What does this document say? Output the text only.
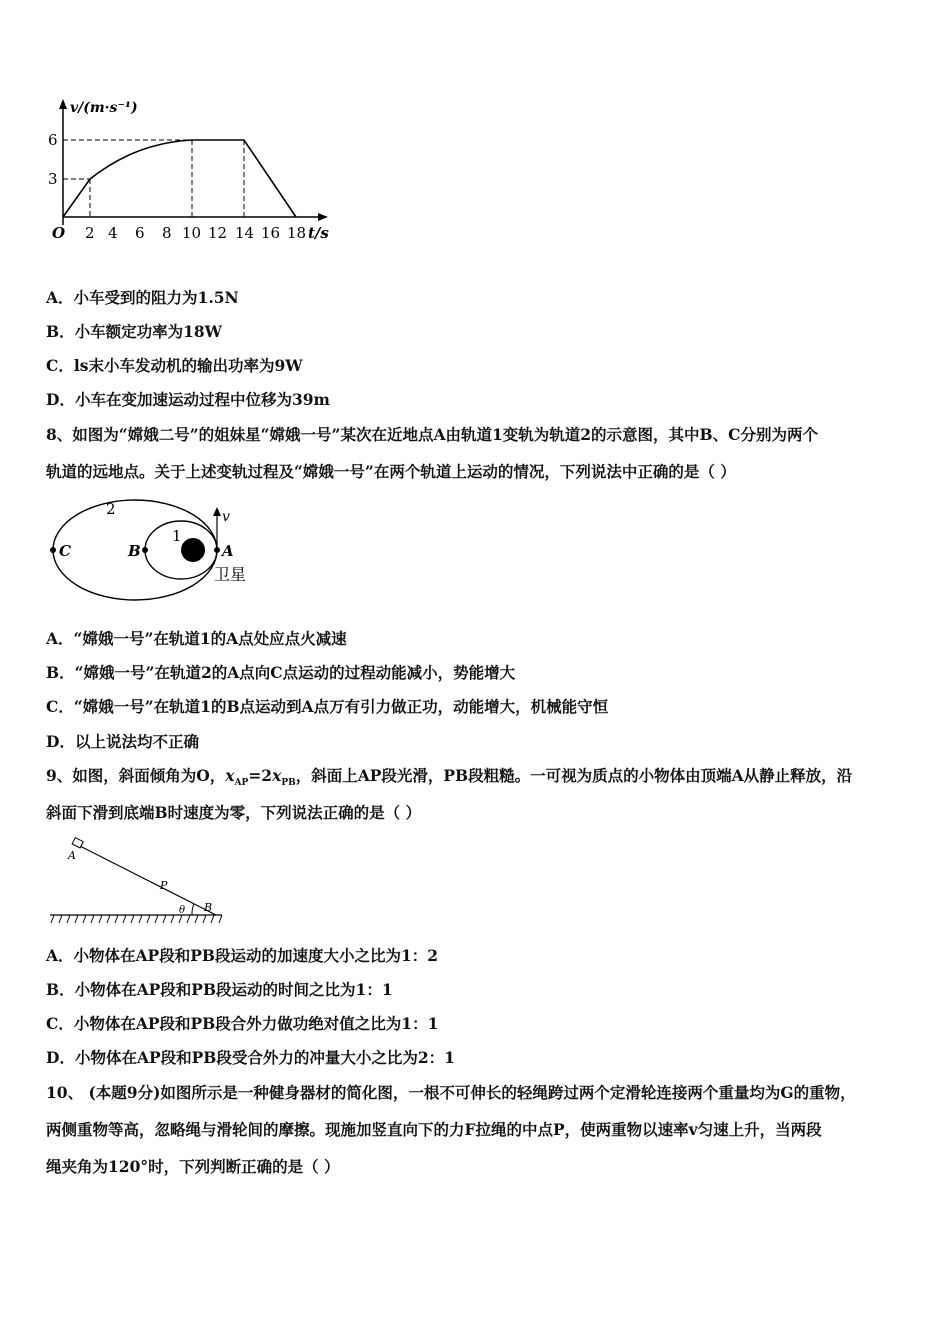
v/(m·s⁻¹)
6
3
O 2 4 6 8 10 12 14 16 18 t/s
A．小车受到的阻力为1.5N
B．小车额定功率为18W
C．ls末小车发动机的输出功率为9W
D．小车在变加速运动过程中位移为39m
8、如图为“嫦娥二号”的姐妹星“嫦娥一号”某次在近地点A由轨道1变轨为轨道2的示意图，其中B、C分别为两个
轨道的远地点。关于上述变轨过程及“嫦娥一号”在两个轨道上运动的情况，下列说法中正确的是（ ）
2
1
C	B	A
v
卫星
A．“嫦娥一号”在轨道1的A点处应点火减速
B．“嫦娥一号”在轨道2的A点向C点运动的过程动能减小，势能增大
C．“嫦娥一号”在轨道1的B点运动到A点万有引力做正功，动能增大，机械能守恒
D．以上说法均不正确
9、如图，斜面倾角为O，$x_{AP}=2x_{PB}$，斜面上AP段光滑，PB段粗糙。一可视为质点的小物体由顶端A从静止释放，沿
斜面下滑到底端B时速度为零，下列说法正确的是（ ）
A
P
θ B
A．小物体在AP段和PB段运动的加速度大小之比为1：2
B．小物体在AP段和PB段运动的时间之比为1：1
C．小物体在AP段和PB段合外力做功绝对值之比为1：1
D．小物体在AP段和PB段受合外力的冲量大小之比为2：1
10、 (本题9分)如图所示是一种健身器材的简化图，一根不可伸长的轻绳跨过两个定滑轮连接两个重量均为G的重物，
两侧重物等高，忽略绳与滑轮间的摩擦。现施加竖直向下的力F拉绳的中点P，使两重物以速率v匀速上升，当两段
绳夹角为120°时，下列判断正确的是（ ）
